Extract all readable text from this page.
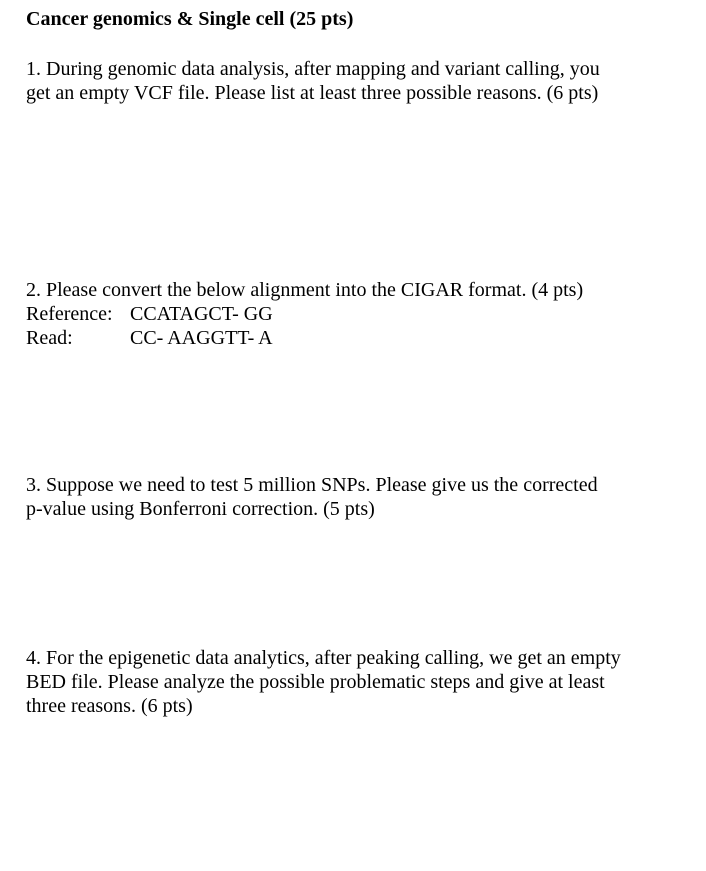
Cancer genomics & Single cell (25 pts)
1. During genomic data analysis, after mapping and variant calling, you
get an empty VCF file. Please list at least three possible reasons. (6 pts)
2. Please convert the below alignment into the CIGAR format. (4 pts)
Reference: CCATAGCT- GG
Read:	CC- AAGGTT- A
3. Suppose we need to test 5 million SNPs. Please give us the corrected
p-value using Bonferroni correction. (5 pts)
4. For the epigenetic data analytics, after peaking calling, we get an empty
BED file. Please analyze the possible problematic steps and give at least
three reasons. (6 pts)
